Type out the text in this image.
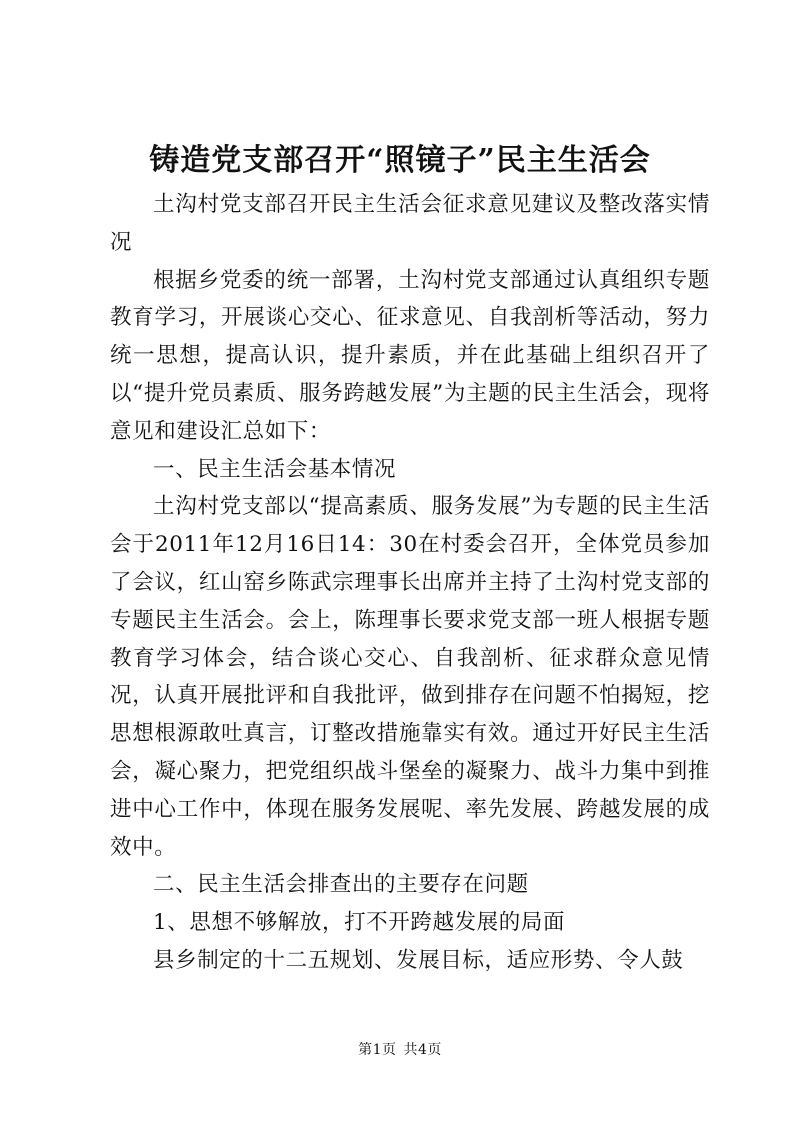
铸造党支部召开“照镜子”民主生活会

土沟村党支部召开民主生活会征求意见建议及整改落实情况

根据乡党委的统一部署，土沟村党支部通过认真组织专题教育学习，开展谈心交心、征求意见、自我剖析等活动，努力统一思想，提高认识，提升素质，并在此基础上组织召开了以“提升党员素质、服务跨越发展”为主题的民主生活会，现将意见和建设汇总如下：

一、民主生活会基本情况

土沟村党支部以“提高素质、服务发展”为专题的民主生活会于2011年12月16日14：30在村委会召开，全体党员参加了会议，红山窑乡陈武宗理事长出席并主持了土沟村党支部的专题民主生活会。会上，陈理事长要求党支部一班人根据专题教育学习体会，结合谈心交心、自我剖析、征求群众意见情况，认真开展批评和自我批评，做到排存在问题不怕揭短，挖思想根源敢吐真言，订整改措施靠实有效。通过开好民主生活会，凝心聚力，把党组织战斗堡垒的凝聚力、战斗力集中到推进中心工作中，体现在服务发展呢、率先发展、跨越发展的成效中。

二、民主生活会排查出的主要存在问题

1、思想不够解放，打不开跨越发展的局面

县乡制定的十二五规划、发展目标，适应形势、令人鼓

第1页 共4页
